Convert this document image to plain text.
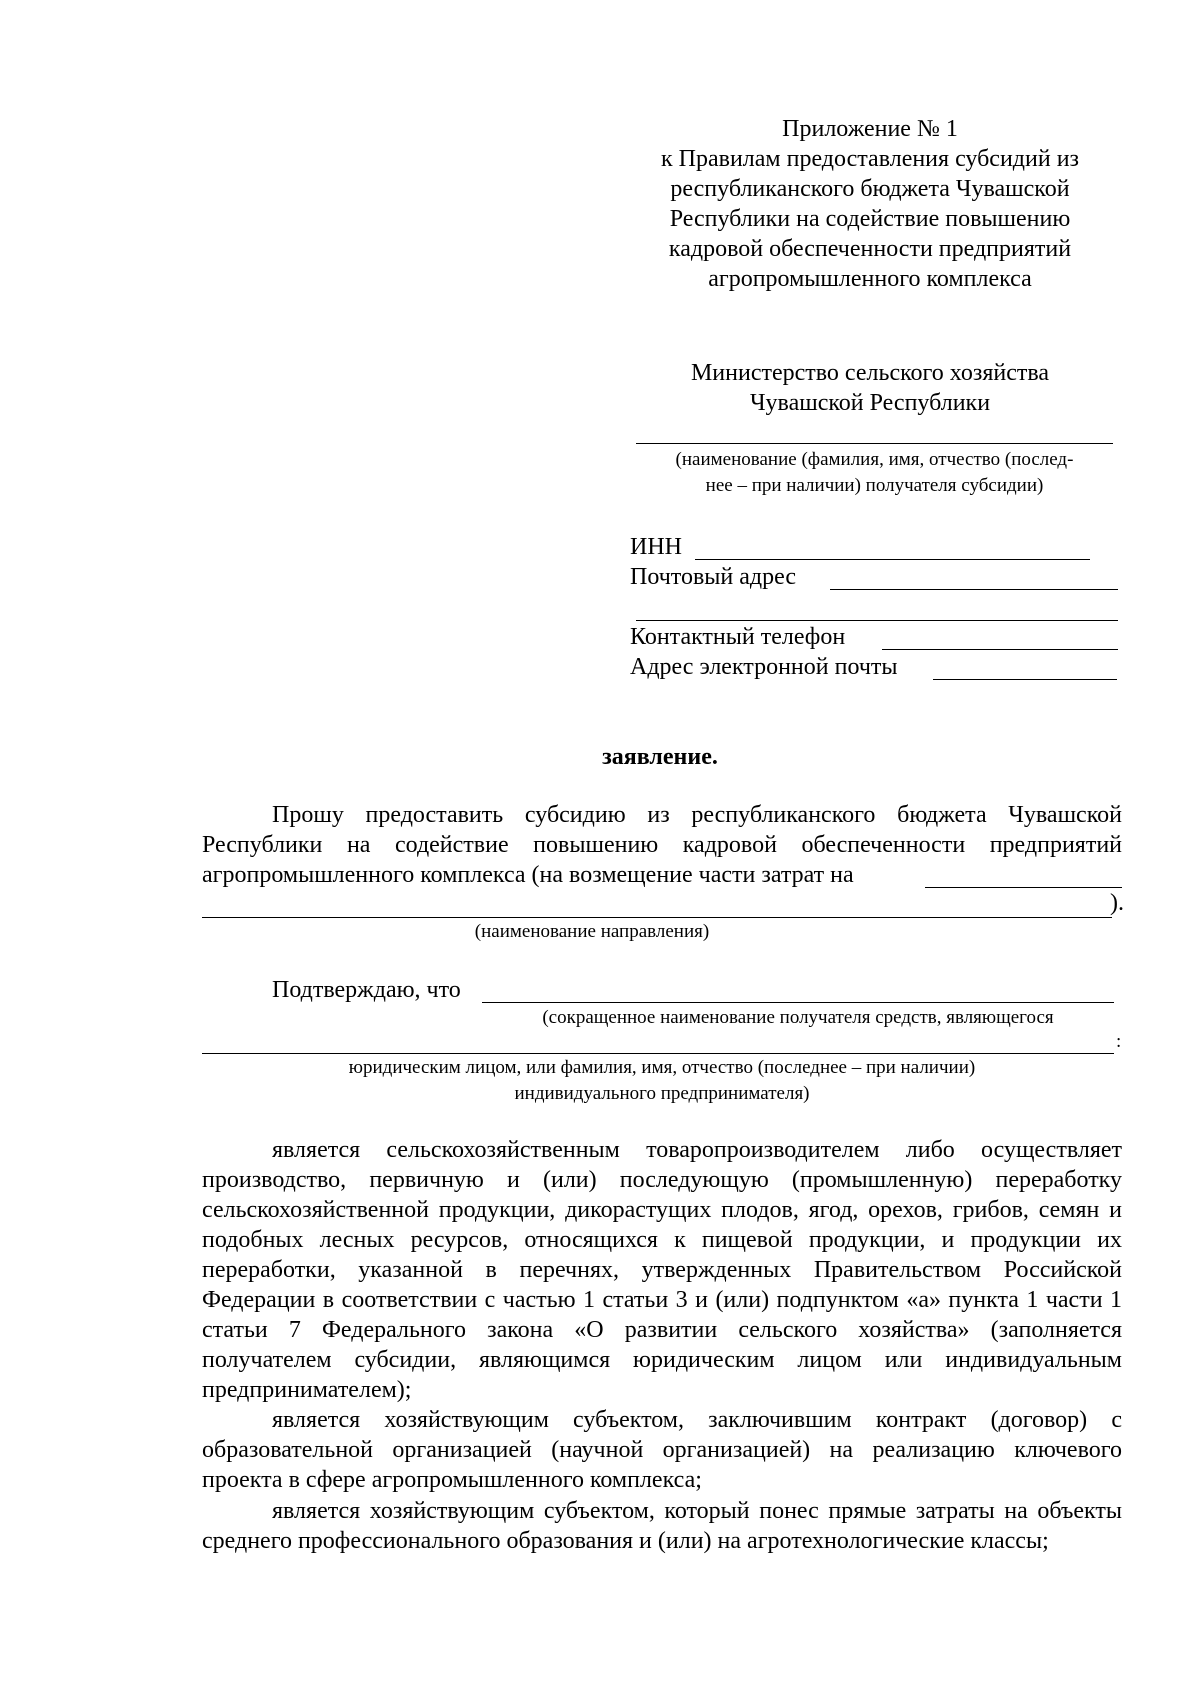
Приложение № 1
к Правилам предоставления субсидий из
республиканского бюджета Чувашской
Республики на содействие повышению
кадровой обеспеченности предприятий
агропромышленного комплекса
Министерство сельского хозяйства
Чувашской Республики
(наименование (фамилия, имя, отчество (послед-
нее – при наличии) получателя субсидии)
ИНН
Почтовый адрес
Контактный телефон
Адрес электронной почты
заявление.
Прошу предоставить субсидию из республиканского бюджета Чувашской Республики на содействие повышению кадровой обеспеченности предприятий агропромышленного комплекса (на возмещение части затрат на
).
(наименование направления)
Подтверждаю, что
(сокращенное наименование получателя средств, являющегося
:
юридическим лицом, или фамилия, имя, отчество (последнее – при наличии)
индивидуального предпринимателя)
является сельскохозяйственным товаропроизводителем либо осуществляет производство, первичную и (или) последующую (промышленную) переработку сельскохозяйственной продукции, дикорастущих плодов, ягод, орехов, грибов, семян и подобных лесных ресурсов, относящихся к пищевой продукции, и продукции их переработки, указанной в перечнях, утвержденных Правительством Российской Федерации в соответствии с частью 1 статьи 3 и (или) подпунктом «а» пункта 1 части 1 статьи 7 Федерального закона «О развитии сельского хозяйства» (заполняется получателем субсидии, являющимся юридическим лицом или индивидуальным предпринимателем);
является хозяйствующим субъектом, заключившим контракт (договор) с образовательной организацией (научной организацией) на реализацию ключевого проекта в сфере агропромышленного комплекса;
является хозяйствующим субъектом, который понес прямые затраты на объекты среднего профессионального образования и (или) на агротехнологические классы;
